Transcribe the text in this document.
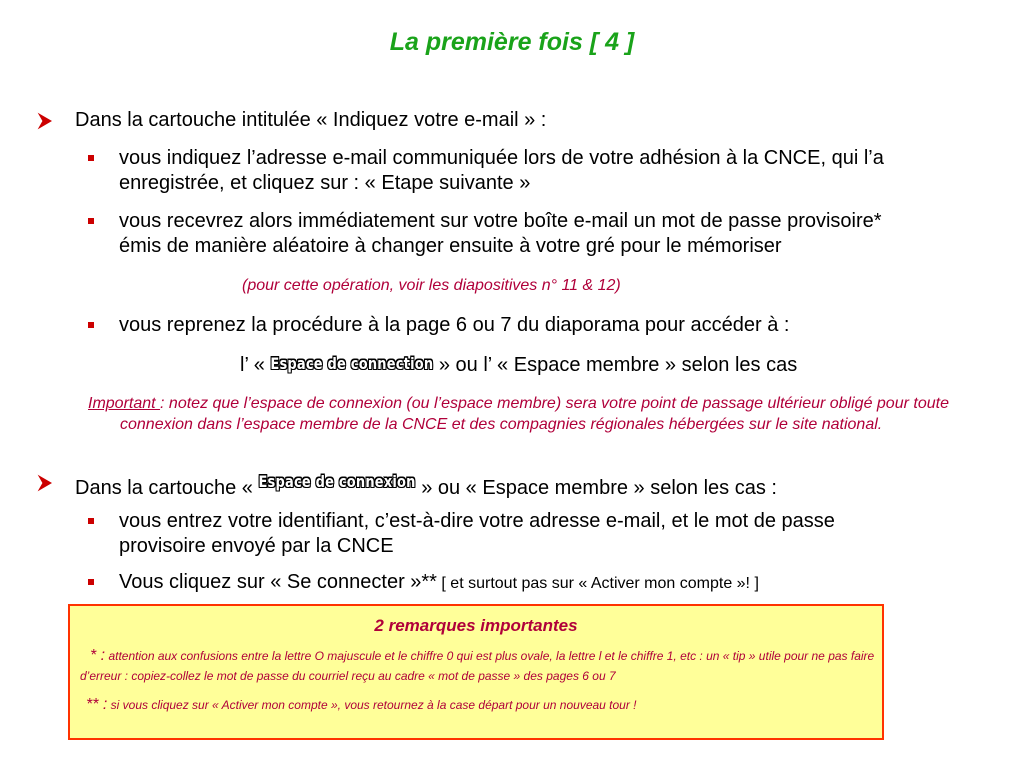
La première fois [ 4 ]
Dans la cartouche intitulée « Indiquez votre e-mail » :
vous indiquez l’adresse e-mail communiquée lors de votre adhésion à la CNCE, qui l’a
enregistrée, et cliquez sur : « Etape suivante »
vous recevrez alors immédiatement sur votre boîte e-mail un mot de passe provisoire*
émis de manière aléatoire à changer ensuite à votre gré pour le mémoriser
(pour cette opération, voir les diapositives n° 11 & 12)
vous reprenez la procédure à la page 6 ou 7 du diaporama pour accéder à :
l’ « Espace de connection » ou l’ « Espace membre » selon les cas
Important : notez que l’espace de connexion (ou l’espace membre) sera votre point de passage ultérieur obligé pour toute connexion dans l’espace membre de la CNCE et des compagnies régionales hébergées sur le site national.
Dans la cartouche « Espace de connexion » ou « Espace membre » selon les cas :
vous entrez votre identifiant, c’est-à-dire votre adresse e-mail, et le mot de passe
provisoire envoyé par la CNCE
Vous cliquez sur « Se connecter »** [ et surtout pas sur « Activer mon compte »! ]
2 remarques importantes
* : attention aux confusions entre la lettre O majuscule et le chiffre 0 qui est plus ovale, la lettre l et le chiffre 1, etc : un « tip » utile pour ne pas faire d’erreur : copiez-collez le mot de passe du courriel reçu au cadre « mot de passe » des pages 6 ou 7
** : si vous cliquez sur « Activer mon compte », vous retournez à la case départ pour un nouveau tour !
